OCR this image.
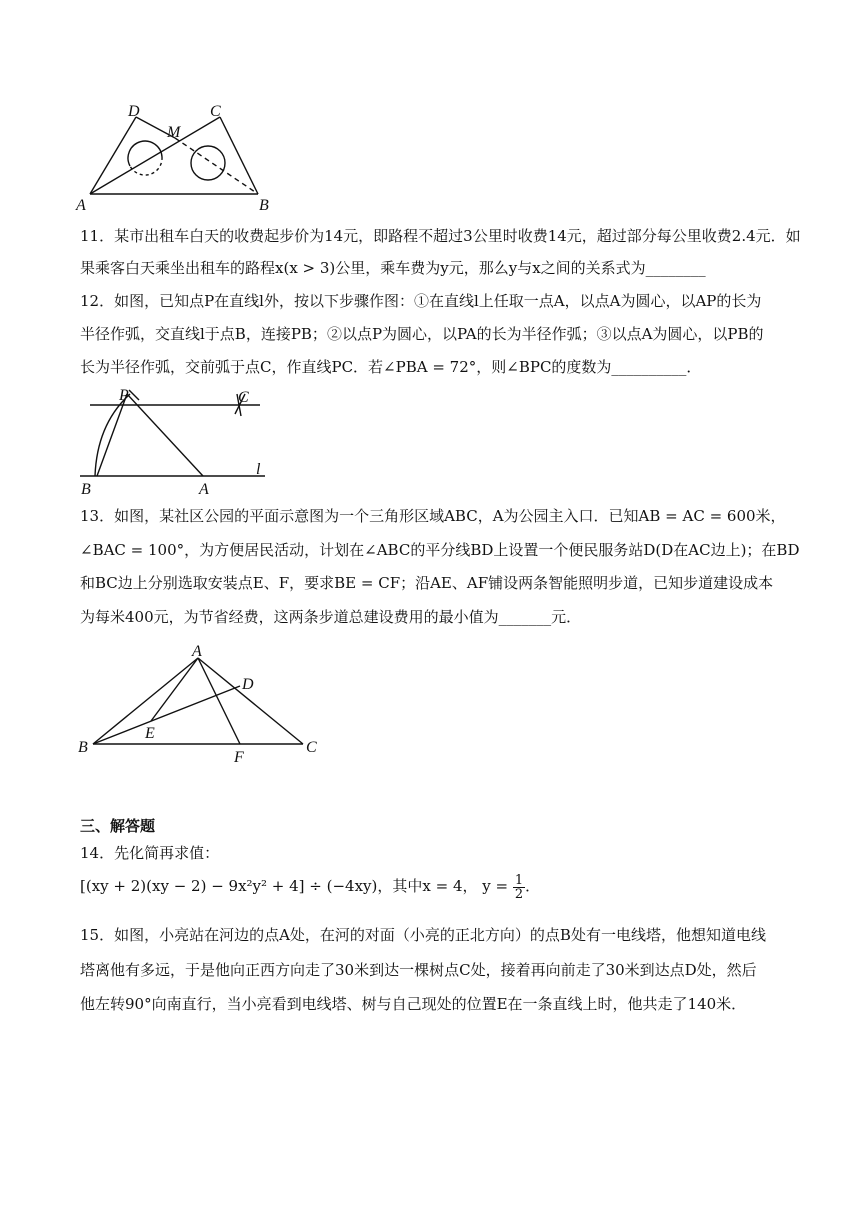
D	C
M
A	B
11．某市出租车白天的收费起步价为14元，即路程不超过3公里时收费14元，超过部分每公里收费2.4元．如
果乘客白天乘坐出租车的路程x(x > 3)公里，乘车费为y元，那么y与x之间的关系式为________
12．如图，已知点P在直线l外，按以下步骤作图：①在直线l上任取一点A，以点A为圆心，以AP的长为
半径作弧，交直线l于点B，连接PB；②以点P为圆心，以PA的长为半径作弧；③以点A为圆心，以PB的
长为半径作弧，交前弧于点C，作直线PC．若∠PBA = 72°，则∠BPC的度数为__________．
P	C
B	A
l
13．如图，某社区公园的平面示意图为一个三角形区域ABC，A为公园主入口．已知AB = AC = 600米，
∠BAC = 100°，为方便居民活动，计划在∠ABC的平分线BD上设置一个便民服务站D(D在AC边上)；在BD
和BC边上分别选取安装点E、F，要求BE = CF；沿AE、AF铺设两条智能照明步道，已知步道建设成本
为每米400元，为节省经费，这两条步道总建设费用的最小值为_______元．
A
D
E
B
F
C
三、解答题
14．先化简再求值：
[(xy + 2)(xy − 2) − 9x²y² + 4] ÷ (−4xy)，其中x = 4， $y = \frac{1}{2}$ ．
15．如图，小亮站在河边的点A处，在河的对面（小亮的正北方向）的点B处有一电线塔，他想知道电线
塔离他有多远，于是他向正西方向走了30米到达一棵树点C处，接着再向前走了30米到达点D处，然后
他左转90°向南直行，当小亮看到电线塔、树与自己现处的位置E在一条直线上时，他共走了140米．
